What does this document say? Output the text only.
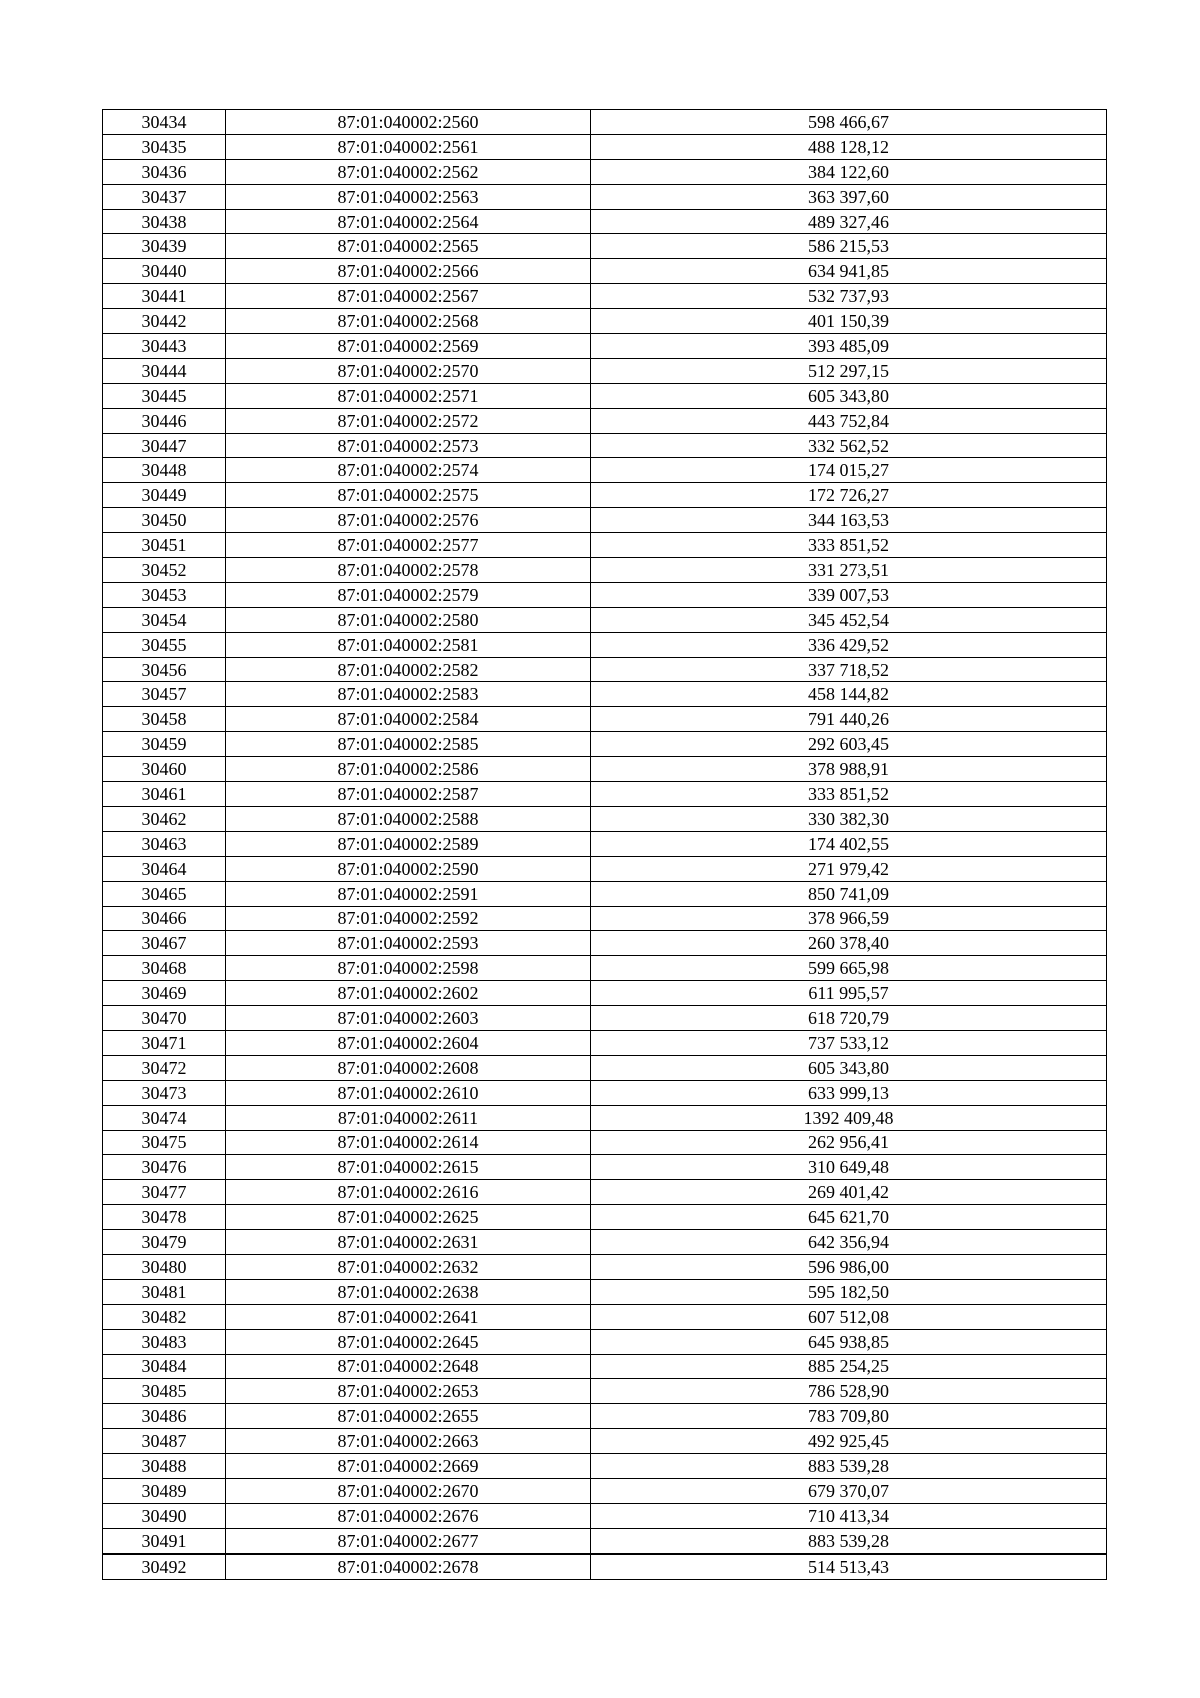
30434	87:01:040002:2560	598 466,67
30435	87:01:040002:2561	488 128,12
30436	87:01:040002:2562	384 122,60
30437	87:01:040002:2563	363 397,60
30438	87:01:040002:2564	489 327,46
30439	87:01:040002:2565	586 215,53
30440	87:01:040002:2566	634 941,85
30441	87:01:040002:2567	532 737,93
30442	87:01:040002:2568	401 150,39
30443	87:01:040002:2569	393 485,09
30444	87:01:040002:2570	512 297,15
30445	87:01:040002:2571	605 343,80
30446	87:01:040002:2572	443 752,84
30447	87:01:040002:2573	332 562,52
30448	87:01:040002:2574	174 015,27
30449	87:01:040002:2575	172 726,27
30450	87:01:040002:2576	344 163,53
30451	87:01:040002:2577	333 851,52
30452	87:01:040002:2578	331 273,51
30453	87:01:040002:2579	339 007,53
30454	87:01:040002:2580	345 452,54
30455	87:01:040002:2581	336 429,52
30456	87:01:040002:2582	337 718,52
30457	87:01:040002:2583	458 144,82
30458	87:01:040002:2584	791 440,26
30459	87:01:040002:2585	292 603,45
30460	87:01:040002:2586	378 988,91
30461	87:01:040002:2587	333 851,52
30462	87:01:040002:2588	330 382,30
30463	87:01:040002:2589	174 402,55
30464	87:01:040002:2590	271 979,42
30465	87:01:040002:2591	850 741,09
30466	87:01:040002:2592	378 966,59
30467	87:01:040002:2593	260 378,40
30468	87:01:040002:2598	599 665,98
30469	87:01:040002:2602	611 995,57
30470	87:01:040002:2603	618 720,79
30471	87:01:040002:2604	737 533,12
30472	87:01:040002:2608	605 343,80
30473	87:01:040002:2610	633 999,13
30474	87:01:040002:2611	1392 409,48
30475	87:01:040002:2614	262 956,41
30476	87:01:040002:2615	310 649,48
30477	87:01:040002:2616	269 401,42
30478	87:01:040002:2625	645 621,70
30479	87:01:040002:2631	642 356,94
30480	87:01:040002:2632	596 986,00
30481	87:01:040002:2638	595 182,50
30482	87:01:040002:2641	607 512,08
30483	87:01:040002:2645	645 938,85
30484	87:01:040002:2648	885 254,25
30485	87:01:040002:2653	786 528,90
30486	87:01:040002:2655	783 709,80
30487	87:01:040002:2663	492 925,45
30488	87:01:040002:2669	883 539,28
30489	87:01:040002:2670	679 370,07
30490	87:01:040002:2676	710 413,34
30491	87:01:040002:2677	883 539,28
30492	87:01:040002:2678	514 513,43
